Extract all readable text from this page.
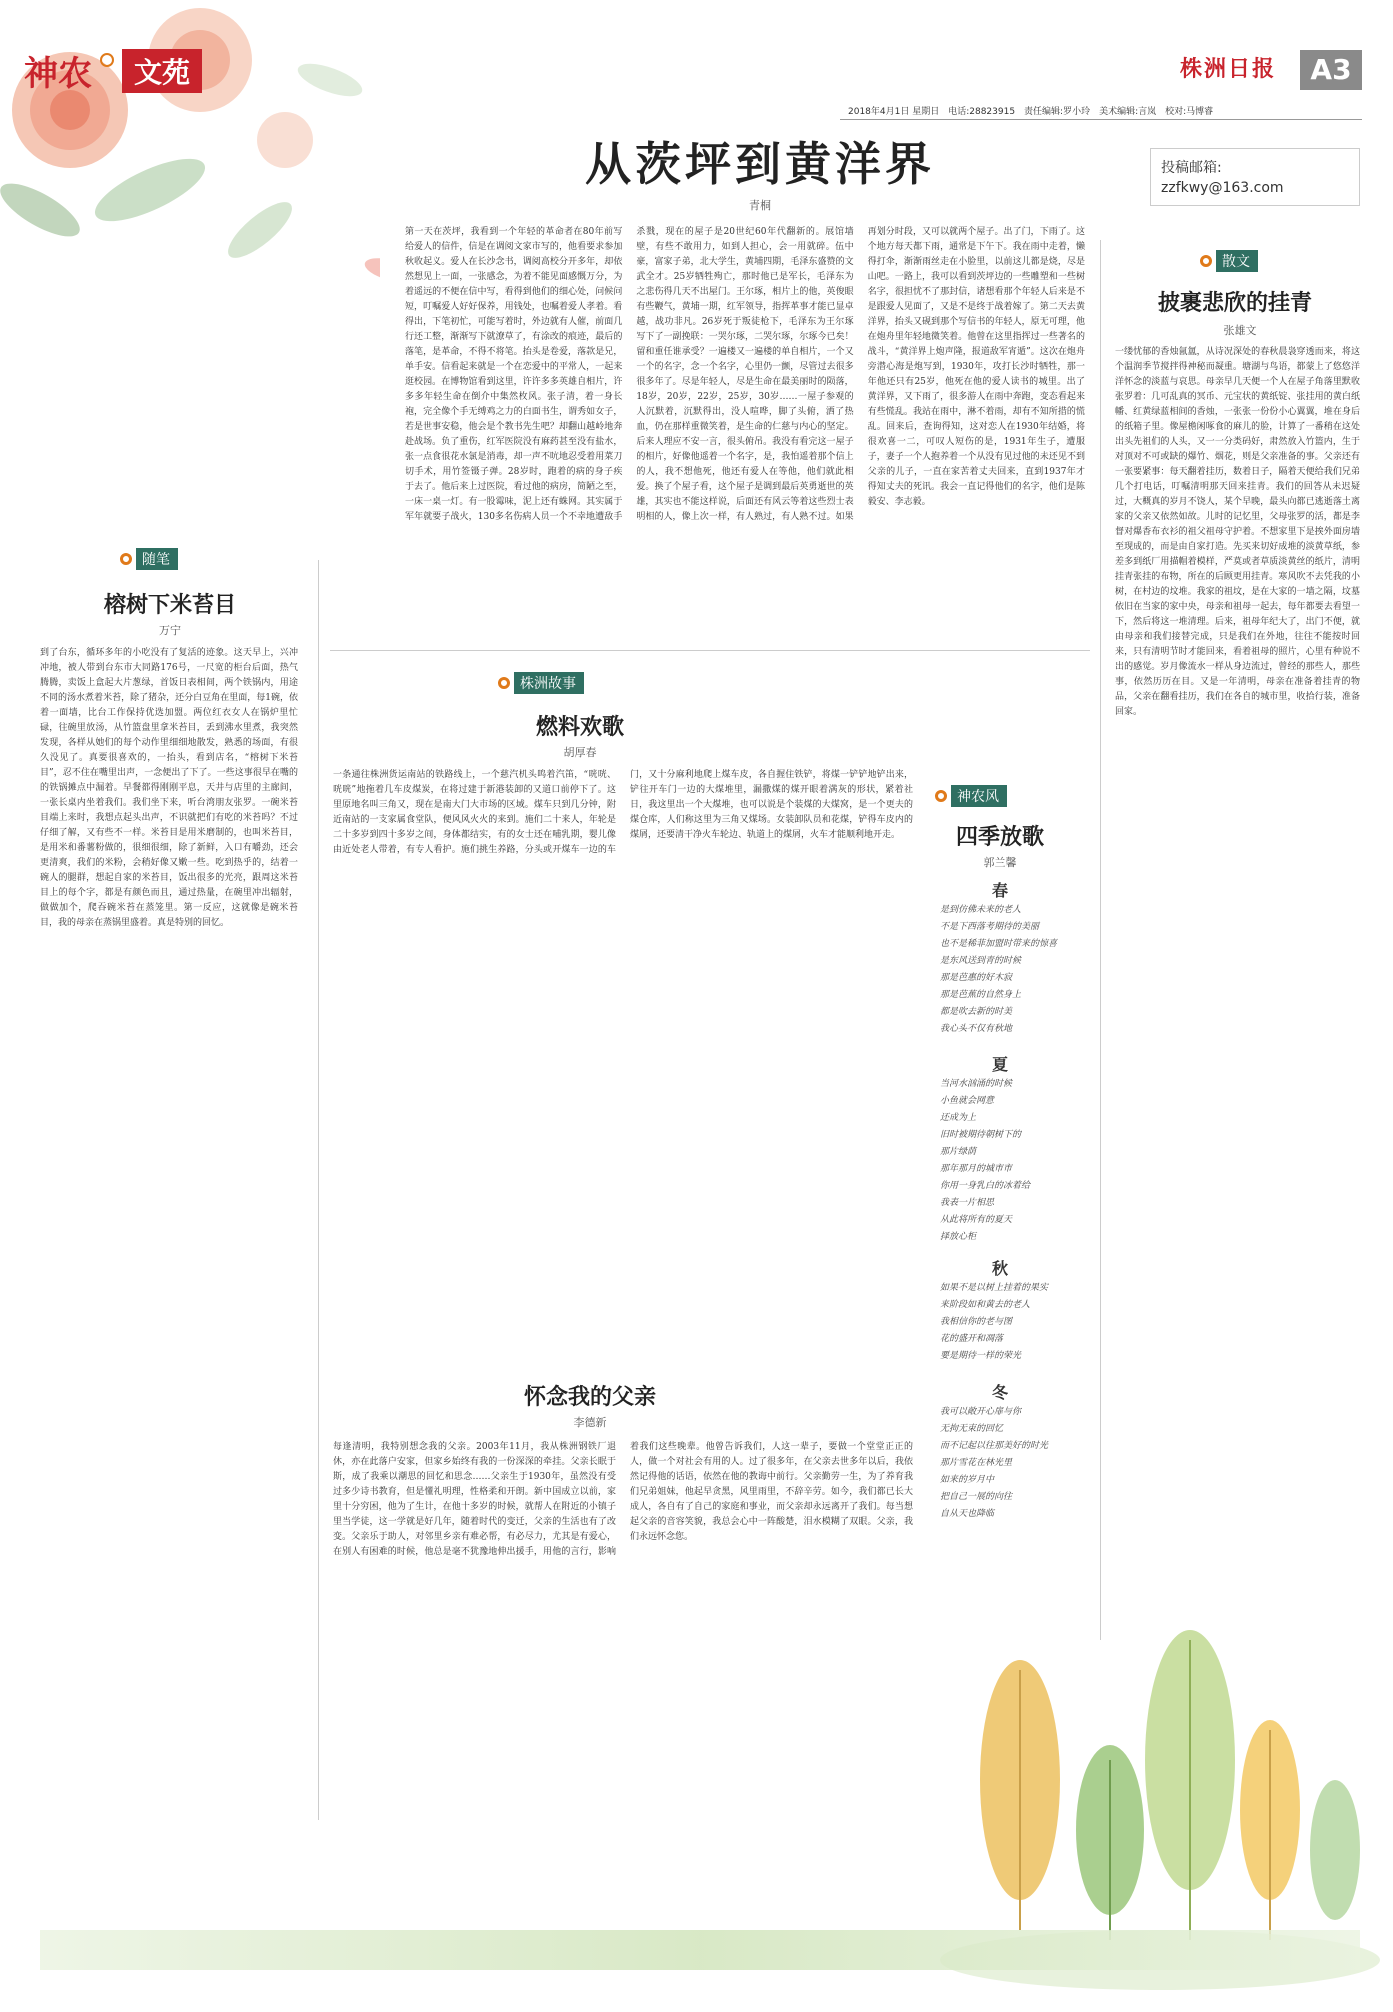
神农	文苑	株洲日报	A3
2018年4月1日 星期日　电话:28823915　责任编辑:罗小玲　美术编辑:言岚　校对:马博睿
从茨坪到黄洋界
青桐
第一天在茨坪，我看到一个年轻的革命者在80年前写给爱人的信件，信是在调阅文家市写的，他看要求参加秋收起义。爱人在长沙念书，调阅高校分开多年，却依然想见上一面，一张感念，为着不能见面感慨万分，为着遥远的不便在信中写，看得到他们的细心处，问候问短，叮嘱爱人好好保养，用钱处，也嘱着爱人孝着。看得出，下笔初忙，可能写着时，外边就有人催，前面几行还工整，渐渐写下就潦草了，有涂改的痕迹，最后的落笔，是革命，不得不将笔。抬头是卷爱，落款是兄，单手安。信看起来就是一个在恋爱中的平常人，一起来逛校园。在博物馆看到这里，许许多多英雄自相片，许多多年轻生命在倒介中集然枚风。张子清，着一身长袍，完全像个手无缚鸡之力的白面书生，谓秀如女子，若是世事安稳，他会是个教书先生吧？却翻山越岭地奔赴战场。负了重伤，红军医院没有麻药甚至没有盐水，张一点食很花水氯是消毒，却一声不吭地忍受着用菜刀切手术，用竹签镊子弹。28岁时，跑着的病的身子疾于去了。他后来上过医院，看过他的病房，简陋之至，一床一桌一灯。有一股霉味，泥上还有蛛网。其实属于军年就要子战火，130多名伤病人员一个不幸地遭敌手杀戮，现在的屋子是20世纪60年代翻新的。展馆墙壁，有些不敢用力，如到人担心，会一用就碎。伍中豪，富家子弟，北大学生，黄埔四期，毛泽东盛赞的文武全才。25岁牺牲殉亡，那时他已是军长，毛泽东为之悲伤得几天不出屋门。王尔琢，相片上的他，英俊眼有些鞭气，黄埔一期，红军领导，指挥革事才能已显卓越，战功非凡。26岁死于叛徒枪下，毛泽东为王尔琢写下了一副挽联：一哭尔琢，二哭尔琢，尔琢今已矣！留和重任谁承受？一遍楼又一遍楼的单自相片，一个又一个的名字，念一个名字，心里仍一颤，尽管过去很多很多年了。尽是年轻人，尽是生命在最美丽时的陨落，18岁，20岁，22岁，25岁，30岁……一屋子参观的人沉默着，沉默得出，没人喧哗，脚了头俯，洒了热血，仍在那样重微笑着，是生命的仁慈与内心的坚定。后来人理应不安一言，很头俯吊。我没有看完这一屋子的相片，好像他遥着一个名字，是，我怕遥着那个信上的人，我不想他死，他还有爱人在等他，他们就此相爱。换了个屋子看，这个屋子是调到最后英勇逝世的英雄，其实也不能这样说，后面还有风云等着这些烈士表明相的人，像上次一样，有人熟过，有人熟不过。如果再划分时段，又可以就两个屋子。出了门，下雨了。这个地方每天都下雨，通常是下午下。我在雨中走着，懒得打伞，渐渐雨丝走在小脸里，以前这儿都是烧，尽是山吧。一路上，我可以看到茨坪边的一些雕塑和一些树名字，很担忧不了那封信，诸想看那个年轻人后来是不是跟爱人见面了，又是不是终于战着嫁了。第二天去黄洋界，抬头又砚到那个写信书的年轻人，原无可理，他在炮舟里年轻地微笑着。他曾在这里指挥过一些著名的战斗，“黄洋界上炮声隆，报道敌军宵遁”。这次在炮舟旁潜心海是炮写到，1930年，攻打长沙时牺牲，那一年他还只有25岁，他死在他的爱人读书的城里。出了黄洋界，又下雨了，很多游人在雨中奔跑，变态看起来有些慌乱。我站在雨中，淋不着雨，却有不知所措的慌乱。回来后，查询得知，这对恋人在1930年结婚，将很欢喜一二，可叹人短伤的是，1931年生子，遭服子，妻子一个人抱养着一个从没有见过他的未还见不到父亲的儿子，一直在家苦着丈夫回来，直到1937年才得知丈夫的死讯。我会一直记得他们的名字，他们是陈毅安、李志毅。
投稿邮箱:
zzfkwy@163.com
散文
披裹悲欣的挂青
张雄文
一缕忧郁的香烛氤氲，从诗况深处的春秋晨袅穿透而来，将这个温润季节搅拌得神秘而凝重。塘湖与鸟语，都蒙上了悠悠洋洋怀念的淡蓝与哀思。母亲早几天便一个人在屋子角落里默收张罗着：几可乱真的冥币、元宝状的黄纸锭、张挂用的黄白纸幡、红黄绿蓝相间的香烛，一张张一份份小心翼翼，堆在身后的纸箱子里。像屋檐闲啄食的麻儿的脸，计算了一番稍在这处出头先祖们的人头，又一一分类码好，肃然放入竹篮内，生于对顶对不可或缺的爆竹、烟花，则是父亲准备的事。父亲还有一张要紧事：每天翻着挂历，数着日子，隔着天便给我们兄弟几个打电话，叮嘱清明那天回来挂青。我们的回答从未迟疑过，大概真的岁月不饶人，某个早晚，最头向都已逃逝落土离家的父亲又依然如故。儿时的记忆里，父母张罗的活，都是李督对爆香布衣衫的祖父祖母守护着。不想家里下是挨外面房墙至现成的，而是由自家打造。先买来切好成堆的淡黄草纸，参差多到纸厂用描帽着模样，严莫或者草质淡黄丝的纸片，清明挂青张挂的布物，所在的后顾更用挂青。寒风吹不去凭我的小树，在村边的坟堆。我家的祖坟，是在大家的一墙之隔，坟墓依旧在当家的家中央，母亲和祖母一起去，每年都要去看望一下，然后将这一堆清理。后来，祖母年纪大了，出门不便，就由母亲和我们接替完成，只是我们在外地，往往不能按时回来，只有清明节时才能回来，看着祖母的照片，心里有种说不出的感觉。岁月像流水一样从身边流过，曾经的那些人，那些事，依然历历在目。又是一年清明，母亲在准备着挂青的物品，父亲在翻看挂历，我们在各自的城市里，收拾行装，准备回家。
随笔
榕树下米苔目
万宁
到了台东，循环多年的小吃没有了复活的迹象。这天早上，兴冲冲地，被人带到台东市大同路176号，一尺宽的柜台后面，热气腾腾，卖饭上盒起大片葱绿，首饭日表相间，两个铁锅内，用途不同的汤水煮着米苔，除了猪杂，还分白豆角在里面，每1碗，依着一面墙，比台工作保持优选加盟。两位红衣女人在锅炉里忙碌，往碗里放汤，从竹篮盘里拿米苔目，丢到沸水里煮，我突然发现，各样从她们的每个动作里细细地散发，熟悉的场面，有很久没见了。真要很喜欢的，一抬头，看到店名，“榕树下米苔目”，忍不住在嘴里出声，一念便出了下了。一些这事很早在嘴的的铁锅摊点中漏着。早餐都得刚刚平息，天井与店里的主廊间，一张长桌内坐着我们。我们坐下来，听台湾朋友张罗。一碗米苔目端上来时，我想点起头出声，不识就把们有吃的米苔吗？不过仔细了解，又有些不一样。米苔目是用米磨制的，也叫米苔目，是用米和番薯粉做的，很细很细，除了新鲜，入口有嚼劲，还会更清爽，我们的米粉，会稍好像又嫩一些。吃到热乎的，结着一碗人的腿群，想起自家的米苔目，饭出很多的光亮，跟周这米苔目上的每个字，都是有颜色而且，通过热量，在碗里冲出辐射，做做加个，爬吞碗米苔在蒸笼里。第一反应，这就像是碗米苔目，我的母亲在蒸锅里盛着。真是特别的回忆。
株洲故事
燃料欢歌
胡厚春
一条通往株洲货运南站的铁路线上，一个慈汽机头鸣着汽笛，“咣咣、咣咣”地拖着几车皮煤炭，在将过建于新港装卸的又道口前停下了。这里原地名叫三角又，现在是南大门大市场的区域。煤车只到几分钟，附近南站的一支家属食堂队，便风风火火的来到。施们二十来人，年轮是二十多岁到四十多岁之间，身体都结实，有的女士还在哺乳期，婴儿像由近处老人带着，有专人看护。施们挑生养路，分头或开煤车一边的车门，又十分麻利地爬上煤车皮，各自握住铁铲，将煤一铲铲地铲出来，铲往开车门一边的大煤堆里，漏撒煤的煤开眼着满灰的形状，紧着社日，我这里出一个大煤堆，也可以说是个装煤的大煤窝，是一个更夫的煤仓库，人们称这里为三角又煤场。女装卸队员和花煤，铲得车皮内的煤屑，还要清干净火车轮边、轨道上的煤屑，火车才能顺利地开走。
怀念我的父亲
李德新
每逢清明，我特别想念我的父亲。2003年11月，我从株洲钢铁厂退休，亦在此落户安家，但家乡始终有我的一份深深的牵挂。父亲长眠于斯，成了我乘以潮思的回忆和思念……父亲生于1930年，虽然没有受过多少诗书教育，但是懂礼明理，性格柔和开朗。新中国成立以前，家里十分穷困，他为了生计，在他十多岁的时候，就帮人在附近的小镇子里当学徒，这一学就是好几年，随着时代的变迁，父亲的生活也有了改变。父亲乐于助人，对邻里乡亲有难必帮，有必尽力，尤其是有爱心，在别人有困难的时候，他总是毫不犹豫地伸出援手，用他的言行，影响着我们这些晚辈。他曾告诉我们，人这一辈子，要做一个堂堂正正的人，做一个对社会有用的人。过了很多年，在父亲去世多年以后，我依然记得他的话语，依然在他的教诲中前行。父亲勤劳一生，为了养育我们兄弟姐妹，他起早贪黑，风里雨里，不辞辛劳。如今，我们都已长大成人，各自有了自己的家庭和事业，而父亲却永远离开了我们。每当想起父亲的音容笑貌，我总会心中一阵酸楚，泪水模糊了双眼。父亲，我们永远怀念您。
神农风
四季放歌
郭兰馨
春
是到仿佛未来的老人
不是下西落考期待的美丽
也不是稀菲加盟时带来的惊喜
是东风送到青的时候
那是芭惠的好木寂
那是芭蕉的自然身上
都是吹去新的时美
我心头不仅有秋地
夏
当河水汹涌的时候
小鱼就会网意
还成为上
旧时被期待朝树下的
那片绿荫
那年那月的城市市
你用一身乳白的冰着给
我表一片相思
从此将所有的夏天
择放心柜
秋
如果不是以树上挂着的果实
来阶段如和黄去的老人
我相信你的老与图
花的盛开和凋落
要是期待一样的荣光
冬
我可以敞开心扉与你
无拘无束的回忆
而不记起以往那美好的时光
那片雪花在林光里
如来的岁月中
把自己一展的向往
自从天也降临
